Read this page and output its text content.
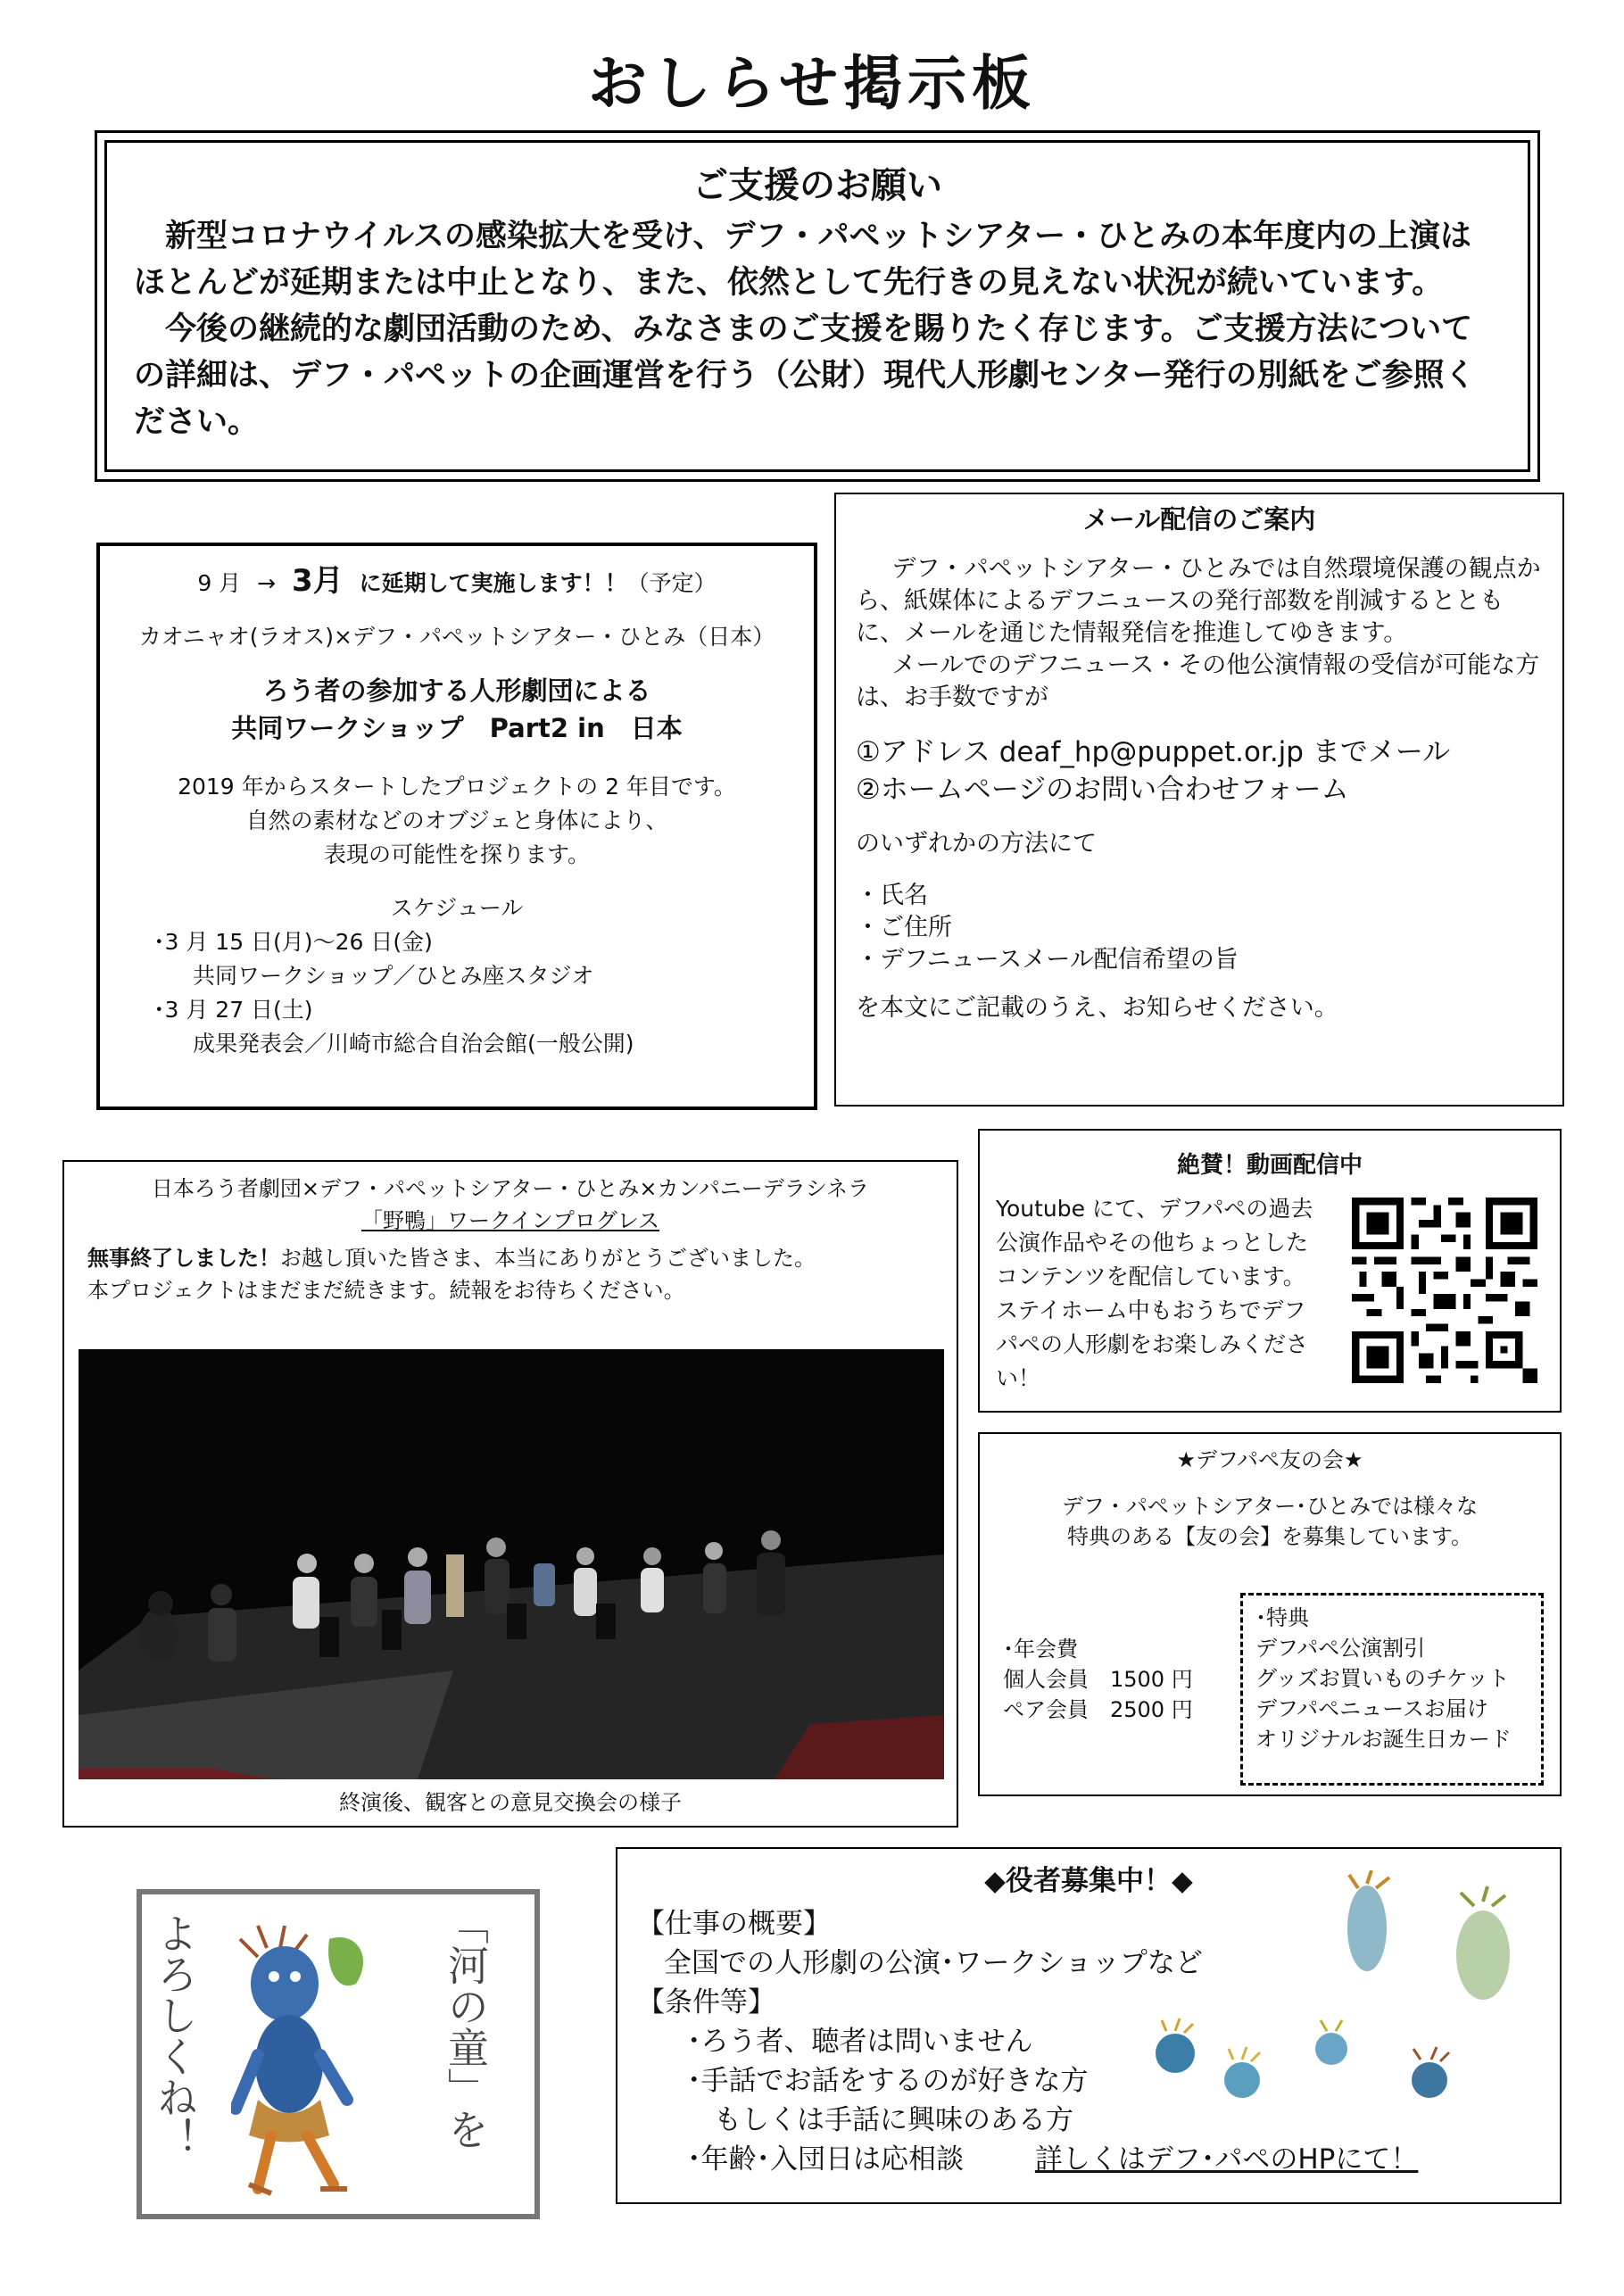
おしらせ掲示板
ご支援のお願い

新型コロナウイルスの感染拡大を受け、デフ・パペットシアター・ひとみの本年度内の上演はほとんどが延期または中止となり、また、依然として先行きの見えない状況が続いています。

今後の継続的な劇団活動のため、みなさまのご支援を賜りたく存じます。ご支援方法についての詳細は、デフ・パペットの企画運営を行う（公財）現代人形劇センター発行の別紙をご参照ください。

9 月 → 3月 に延期して実施します！！（予定）
カオニャオ(ラオス)×デフ・パペットシアター・ひとみ（日本）
ろう者の参加する人形劇団による
共同ワークショップ　Part2 in　日本
2019 年からスタートしたプロジェクトの 2 年目です。
自然の素材などのオブジェと身体により、
表現の可能性を探ります。
スケジュール
･3 月 15 日(月)～26 日(金)
共同ワークショップ／ひとみ座スタジオ
･3 月 27 日(土)
成果発表会／川崎市総合自治会館(一般公開)
メール配信のご案内
デフ・パペットシアター・ひとみでは自然環境保護の観点から、紙媒体によるデフニュースの発行部数を削減するとともに、メールを通じた情報発信を推進してゆきます。
メールでのデフニュース・その他公演情報の受信が可能な方は、お手数ですが
①アドレス deaf_hp@puppet.or.jp までメール
②ホームページのお問い合わせフォーム
のいずれかの方法にて
・氏名
・ご住所
・デフニュースメール配信希望の旨
を本文にご記載のうえ、お知らせください。
絶賛！動画配信中
Youtube にて、デフパペの過去公演作品やその他ちょっとしたコンテンツを配信しています。ステイホーム中もおうちでデフパペの人形劇をお楽しみください！
日本ろう者劇団×デフ・パペットシアター・ひとみ×カンパニーデラシネラ
「野鴨」ワークインプログレス
無事終了しました！お越し頂いた皆さま、本当にありがとうございました。
本プロジェクトはまだまだ続きます。続報をお待ちください。
終演後、観客との意見交換会の様子
★デフパペ友の会★
デフ・パペットシアター･ひとみでは様々な
特典のある【友の会】を募集しています。
･年会費
個人会員　1500 円
ペア会員　2500 円
･特典
デフパペ公演割引
グッズお買いものチケット
デフパペニュースお届け
オリジナルお誕生日カード
よろしくね！	「河の童」を
◆役者募集中！◆
【仕事の概要】
全国での人形劇の公演･ワークショップなど
【条件等】
･ろう者、聴者は問いません
･手話でお話をするのが好きな方
もしくは手話に興味のある方
･年齢･入団日は応相談	詳しくはデフ･パペのHPにて！
